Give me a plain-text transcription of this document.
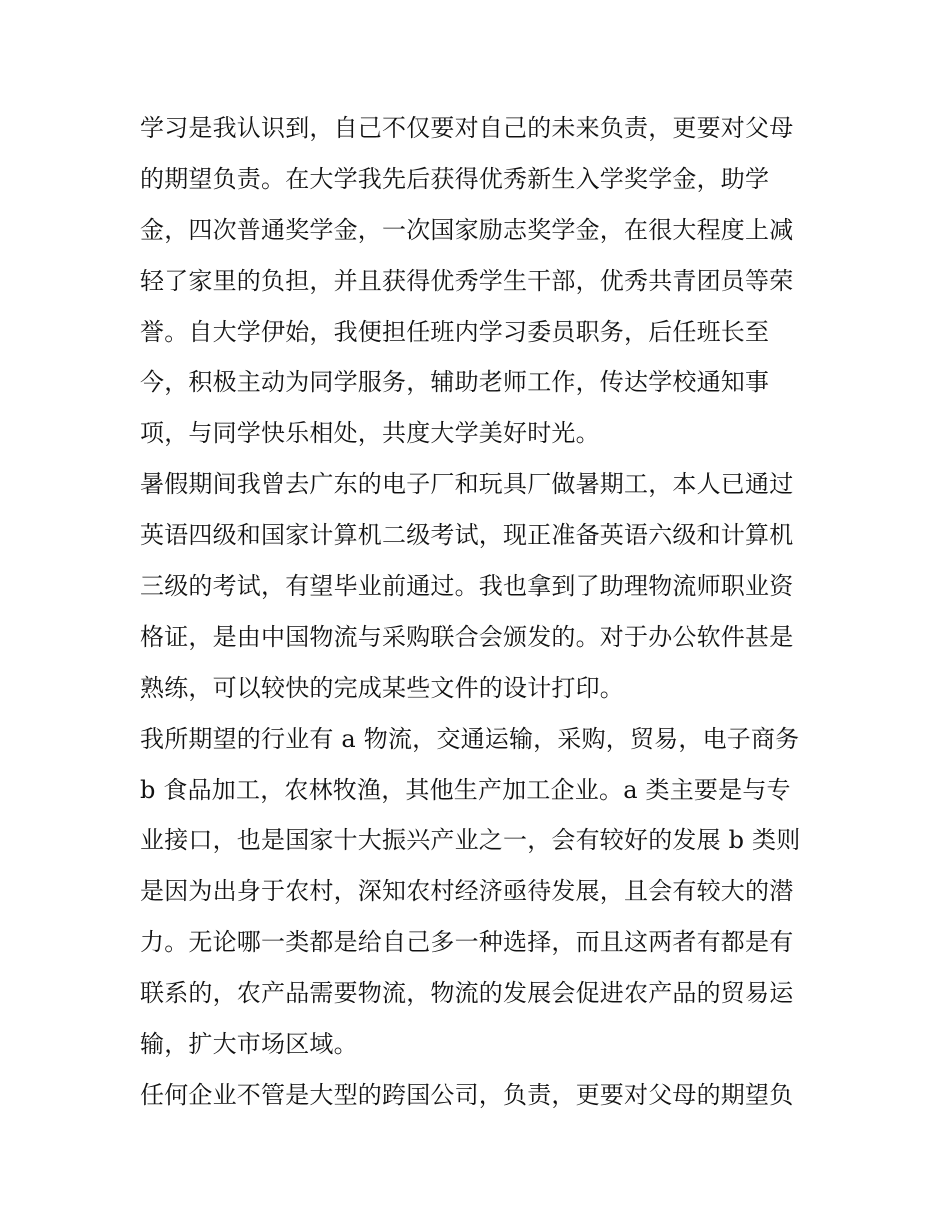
学习是我认识到，自己不仅要对自己的未来负责，更要对父母
的期望负责。在大学我先后获得优秀新生入学奖学金，助学
金，四次普通奖学金，一次国家励志奖学金，在很大程度上减
轻了家里的负担，并且获得优秀学生干部，优秀共青团员等荣
誉。自大学伊始，我便担任班内学习委员职务，后任班长至
今，积极主动为同学服务，辅助老师工作，传达学校通知事
项，与同学快乐相处，共度大学美好时光。
暑假期间我曾去广东的电子厂和玩具厂做暑期工，本人已通过
英语四级和国家计算机二级考试，现正准备英语六级和计算机
三级的考试，有望毕业前通过。我也拿到了助理物流师职业资
格证，是由中国物流与采购联合会颁发的。对于办公软件甚是
熟练，可以较快的完成某些文件的设计打印。
我所期望的行业有 a 物流，交通运输，采购，贸易，电子商务
b 食品加工，农林牧渔，其他生产加工企业。a 类主要是与专
业接口，也是国家十大振兴产业之一，会有较好的发展 b 类则
是因为出身于农村，深知农村经济亟待发展，且会有较大的潜
力。无论哪一类都是给自己多一种选择，而且这两者有都是有
联系的，农产品需要物流，物流的发展会促进农产品的贸易运
输，扩大市场区域。
任何企业不管是大型的跨国公司，负责，更要对父母的期望负
